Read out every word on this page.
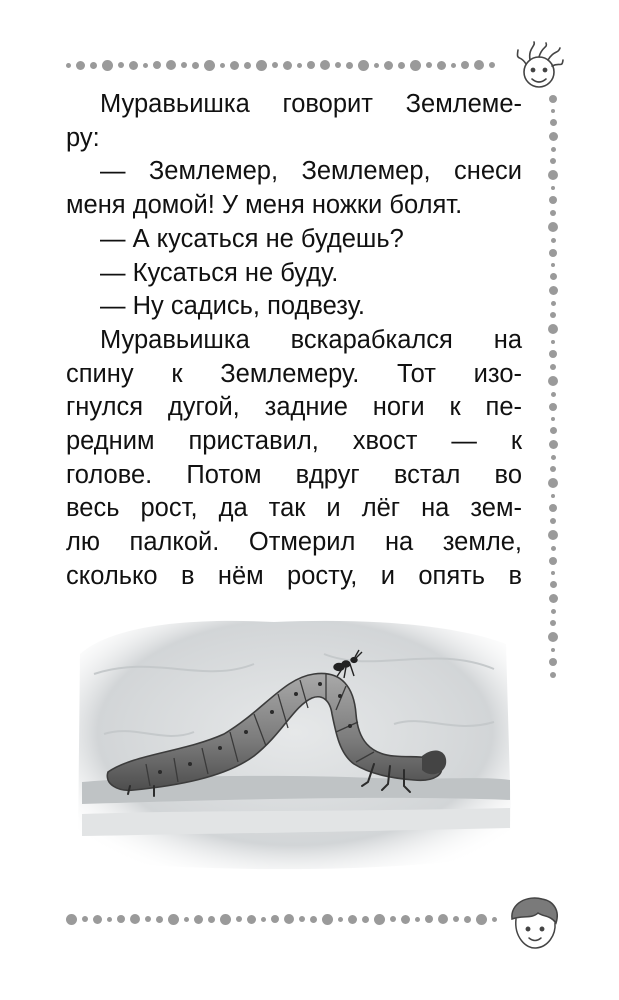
Муравьишка говорит Землеме-

ру:

— Землемер, Землемер, снеси

меня домой! У меня ножки болят.

— А кусаться не будешь?

— Кусаться не буду.

— Ну садись, подвезу.

Муравьишка вскарабкался на

спину к Землемеру. Тот изо-

гнулся дугой, задние ноги к пе-

редним приставил, хвост — к

голове. Потом вдруг встал во

весь рост, да так и лёг на зем-

лю палкой. Отмерил на земле,

сколько в нём росту, и опять в
